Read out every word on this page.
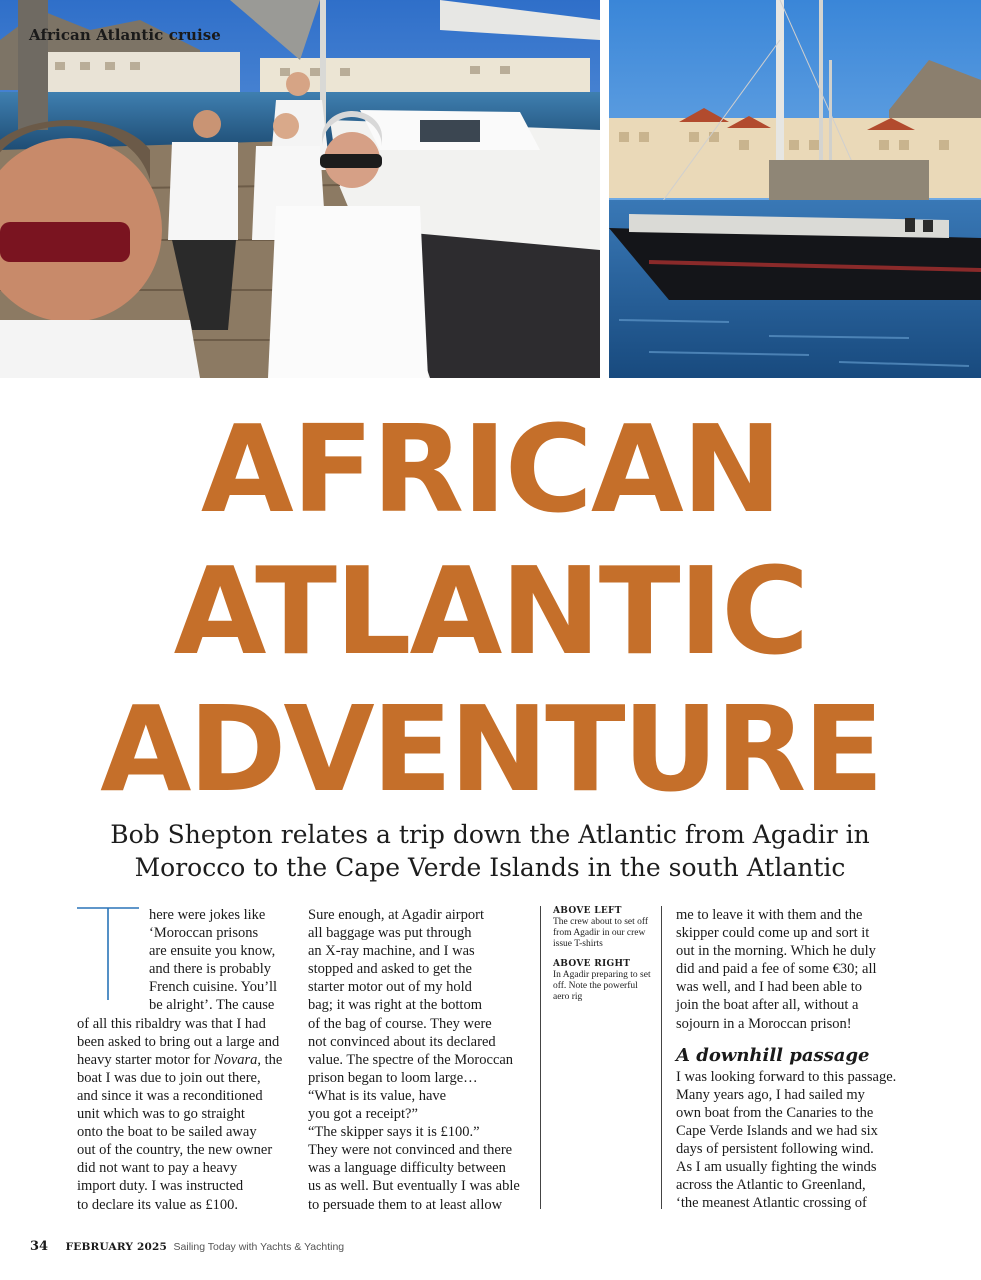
African Atlantic cruise
AFRICAN
ATLANTIC
ADVENTURE

Bob Shepton relates a trip down the Atlantic from Agadir in Morocco to the Cape Verde Islands in the south Atlantic

here were jokes like

‘Moroccan prisons

are ensuite you know,

and there is probably

French cuisine. You’ll

be alright’. The cause

of all this ribaldry was that I had

been asked to bring out a large and

heavy starter motor for Novara, the

boat I was due to join out there,

and since it was a reconditioned

unit which was to go straight

onto the boat to be sailed away

out of the country, the new owner

did not want to pay a heavy

import duty. I was instructed

to declare its value as £100.

Sure enough, at Agadir airport

all baggage was put through

an X-ray machine, and I was

stopped and asked to get the

starter motor out of my hold

bag; it was right at the bottom

of the bag of course. They were

not convinced about its declared

value. The spectre of the Moroccan

prison began to loom large…

“What is its value, have

you got a receipt?”

“The skipper says it is £100.”

They were not convinced and there

was a language difficulty between

us as well. But eventually I was able

to persuade them to at least allow

ABOVE LEFT

The crew about to set off from Agadir in our crew issue T-shirts

ABOVE RIGHT

In Agadir preparing to set off. Note the powerful aero rig

me to leave it with them and the

skipper could come up and sort it

out in the morning. Which he duly

did and paid a fee of some €30; all

was well, and I had been able to

join the boat after all, without a

sojourn in a Moroccan prison!

A downhill passage

I was looking forward to this passage.

Many years ago, I had sailed my

own boat from the Canaries to the

Cape Verde Islands and we had six

days of persistent following wind.

As I am usually fighting the winds

across the Atlantic to Greenland,

‘the meanest Atlantic crossing of

34 FEBRUARY 2025 Sailing Today with Yachts & Yachting
